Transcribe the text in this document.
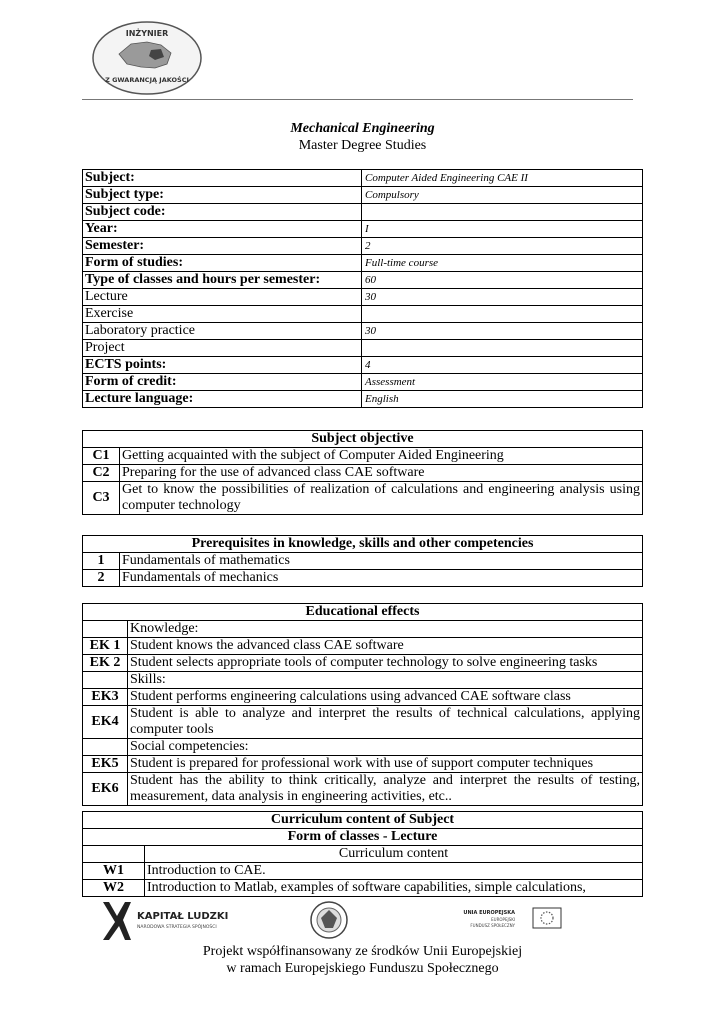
INŻYNIER
Z GWARANCJĄ JAKOŚCI
Mechanical Engineering
Master Degree Studies
Subject:	Computer Aided Engineering CAE II
Subject type:	Compulsory
Subject code:	
Year:	I
Semester:	2
Form of studies:	Full-time course
Type of classes and hours per semester:	60
Lecture	30
Exercise	
Laboratory practice	30
Project	
ECTS points:	4
Form of credit:	Assessment
Lecture language:	English
Subject objective	
C1	Getting acquainted with the subject of Computer Aided Engineering
C2	Preparing for the use of advanced class CAE software
C3	Get to know the possibilities of realization of calculations and engineering analysis using computer technology
Prerequisites in knowledge, skills and other competencies	
1	Fundamentals of mathematics
2	Fundamentals of mechanics
Educational effects	
	Knowledge:
EK 1	Student knows the advanced class CAE software
EK 2	Student selects appropriate tools of computer technology to solve engineering tasks
	Skills:
EK3	Student performs engineering calculations using advanced CAE software class
EK4	Student is able to analyze and interpret the results of technical calculations, applying computer tools
	Social competencies:
EK5	Student is prepared for professional work with use of support computer techniques
EK6	Student has the ability to think critically, analyze and interpret the results of testing, measurement, data analysis in engineering activities, etc..
Curriculum content of Subject	
Form of classes - Lecture	
	Curriculum content
W1	Introduction to CAE.
W2	Introduction to Matlab, examples of software capabilities, simple calculations,
KAPITAŁ LUDZKI
NARODOWA STRATEGIA SPÓJNOŚCI
UNIA EUROPEJSKA
EUROPEJSKI
FUNDUSZ SPOŁECZNY
Projekt współfinansowany ze środków Unii Europejskiej
w ramach Europejskiego Funduszu Społecznego
